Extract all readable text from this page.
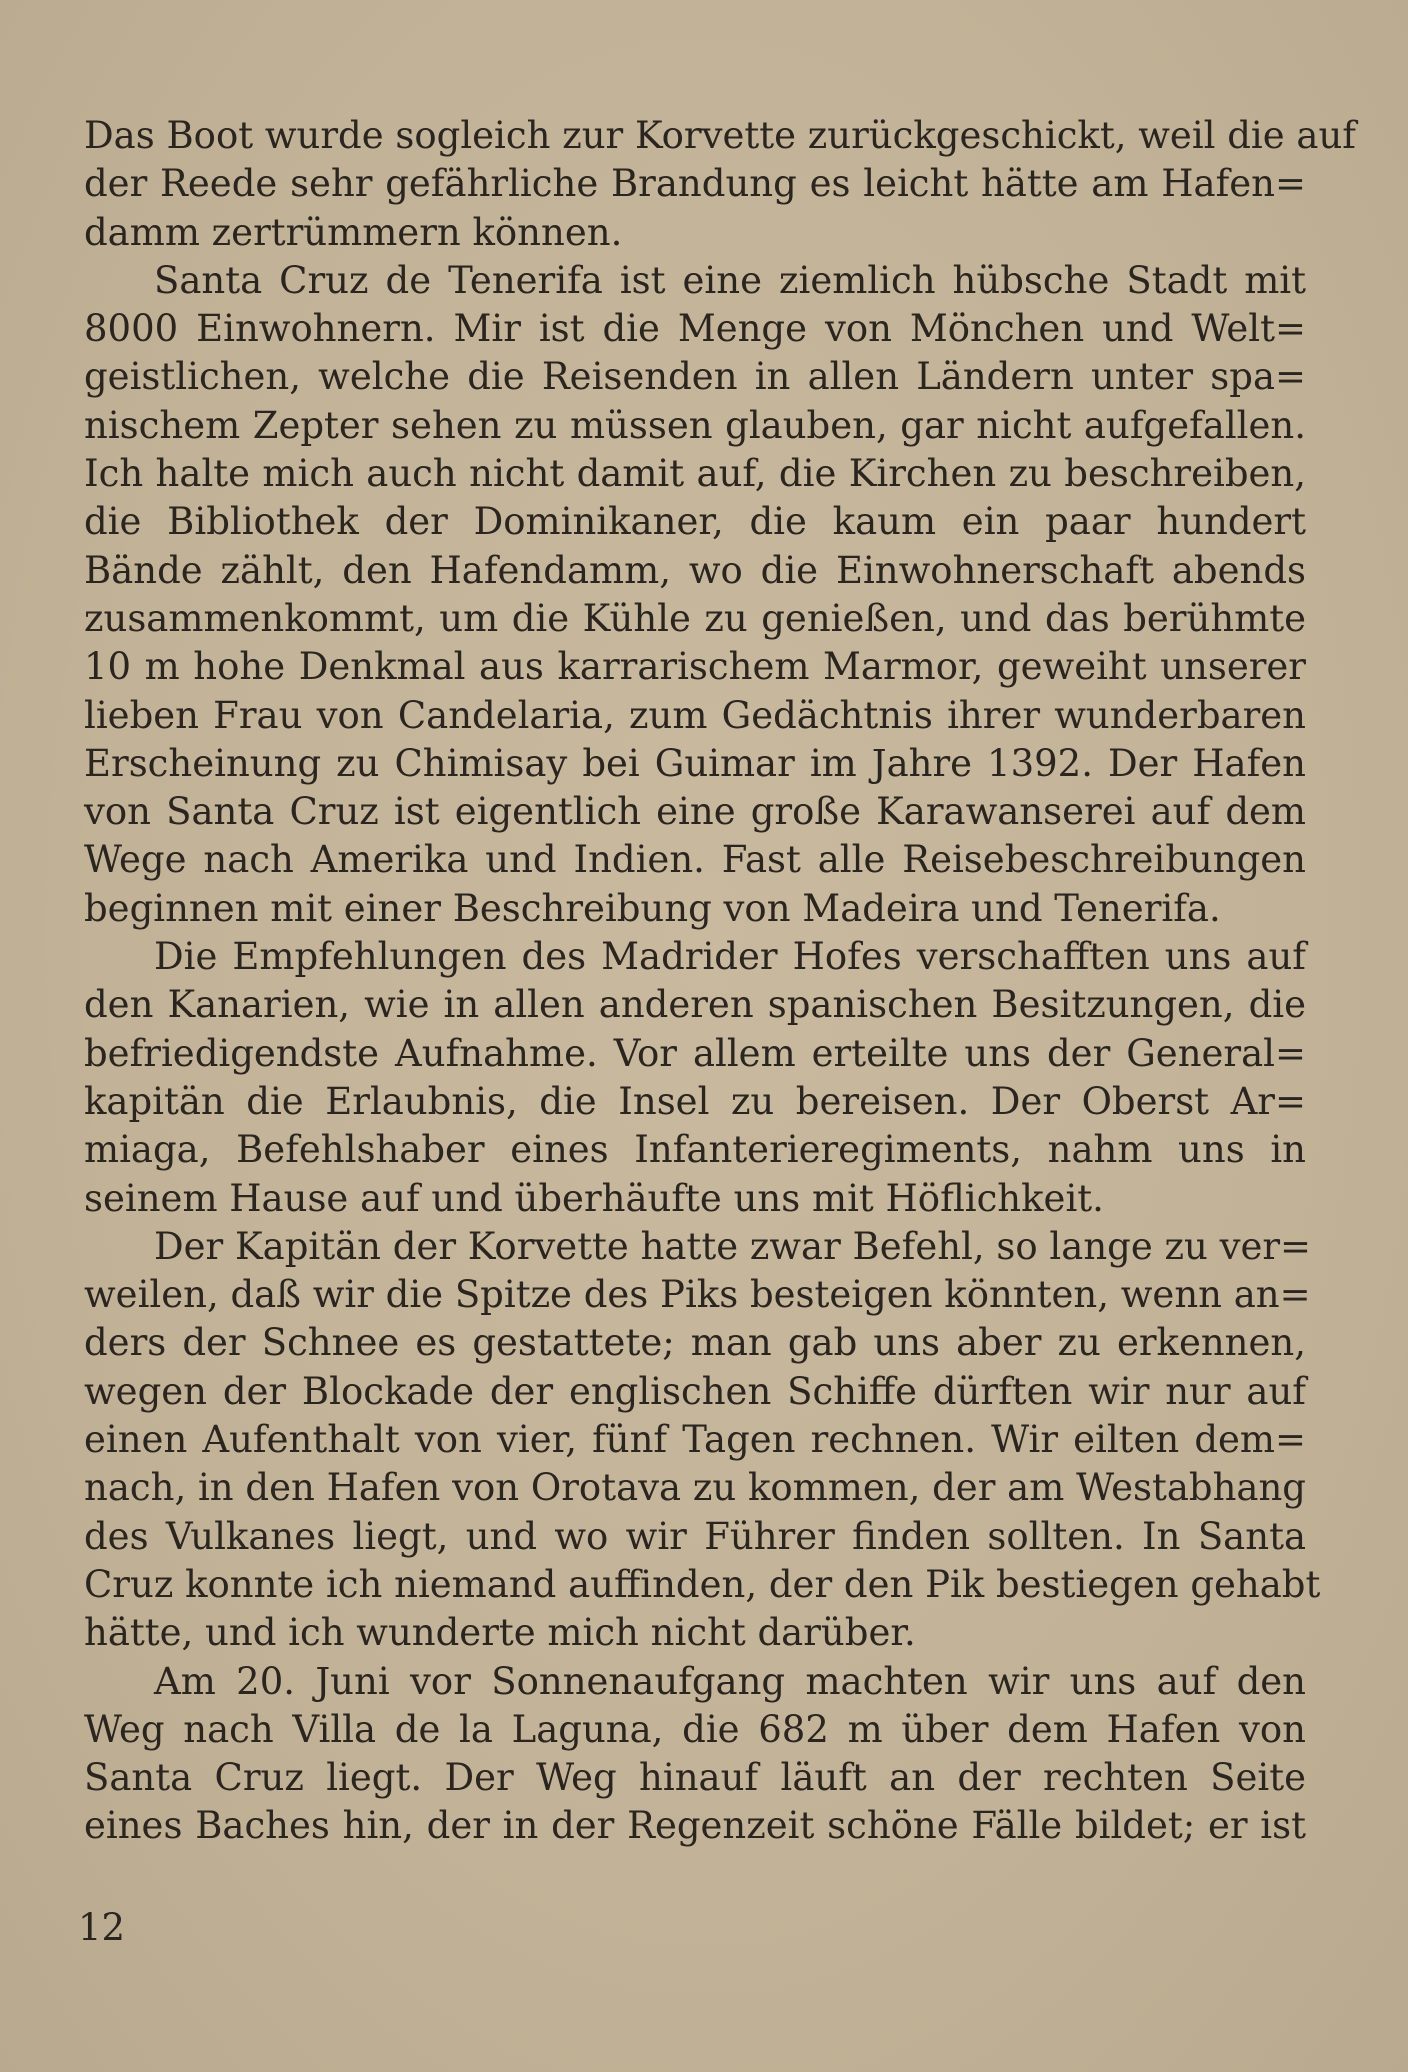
Das Boot wurde sogleich zur Korvette zurückgeschickt, weil die auf
der Reede sehr gefährliche Brandung es leicht hätte am Hafen=
damm zertrümmern können.
Santa Cruz de Tenerifa ist eine ziemlich hübsche Stadt mit
8000 Einwohnern. Mir ist die Menge von Mönchen und Welt=
geistlichen, welche die Reisenden in allen Ländern unter spa=
nischem Zepter sehen zu müssen glauben, gar nicht aufgefallen.
Ich halte mich auch nicht damit auf, die Kirchen zu beschreiben,
die Bibliothek der Dominikaner, die kaum ein paar hundert
Bände zählt, den Hafendamm, wo die Einwohnerschaft abends
zusammenkommt, um die Kühle zu genießen, und das berühmte
10 m hohe Denkmal aus karrarischem Marmor, geweiht unserer
lieben Frau von Candelaria, zum Gedächtnis ihrer wunderbaren
Erscheinung zu Chimisay bei Guimar im Jahre 1392. Der Hafen
von Santa Cruz ist eigentlich eine große Karawanserei auf dem
Wege nach Amerika und Indien. Fast alle Reisebeschreibungen
beginnen mit einer Beschreibung von Madeira und Tenerifa.
Die Empfehlungen des Madrider Hofes verschafften uns auf
den Kanarien, wie in allen anderen spanischen Besitzungen, die
befriedigendste Aufnahme. Vor allem erteilte uns der General=
kapitän die Erlaubnis, die Insel zu bereisen. Der Oberst Ar=
miaga, Befehlshaber eines Infanterieregiments, nahm uns in
seinem Hause auf und überhäufte uns mit Höflichkeit.
Der Kapitän der Korvette hatte zwar Befehl, so lange zu ver=
weilen, daß wir die Spitze des Piks besteigen könnten, wenn an=
ders der Schnee es gestattete; man gab uns aber zu erkennen,
wegen der Blockade der englischen Schiffe dürften wir nur auf
einen Aufenthalt von vier, fünf Tagen rechnen. Wir eilten dem=
nach, in den Hafen von Orotava zu kommen, der am Westabhang
des Vulkanes liegt, und wo wir Führer finden sollten. In Santa
Cruz konnte ich niemand auffinden, der den Pik bestiegen gehabt
hätte, und ich wunderte mich nicht darüber.
Am 20. Juni vor Sonnenaufgang machten wir uns auf den
Weg nach Villa de la Laguna, die 682 m über dem Hafen von
Santa Cruz liegt. Der Weg hinauf läuft an der rechten Seite
eines Baches hin, der in der Regenzeit schöne Fälle bildet; er ist
12
